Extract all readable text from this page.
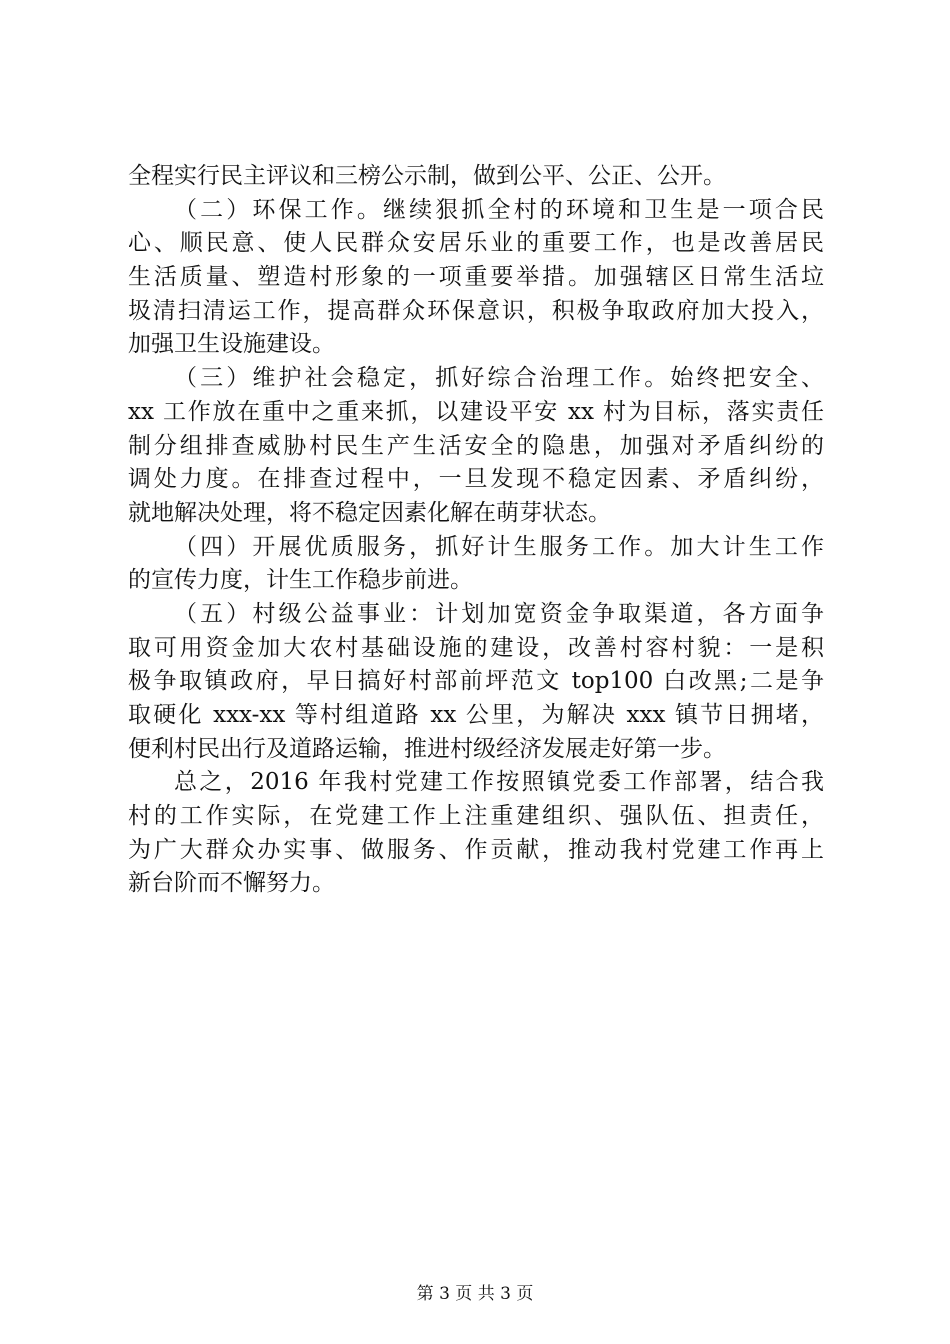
全程实行民主评议和三榜公示制，做到公平、公正、公开。
（二）环保工作。继续狠抓全村的环境和卫生是一项合民
心、顺民意、使人民群众安居乐业的重要工作，也是改善居民
生活质量、塑造村形象的一项重要举措。加强辖区日常生活垃
圾清扫清运工作，提高群众环保意识，积极争取政府加大投入，
加强卫生设施建设。
（三）维护社会稳定，抓好综合治理工作。始终把安全、
xx 工作放在重中之重来抓，以建设平安 xx 村为目标，落实责任
制分组排查威胁村民生产生活安全的隐患，加强对矛盾纠纷的
调处力度。在排查过程中，一旦发现不稳定因素、矛盾纠纷，
就地解决处理，将不稳定因素化解在萌芽状态。
（四）开展优质服务，抓好计生服务工作。加大计生工作
的宣传力度，计生工作稳步前进。
（五）村级公益事业：计划加宽资金争取渠道，各方面争
取可用资金加大农村基础设施的建设，改善村容村貌：一是积
极争取镇政府，早日搞好村部前坪范文 top100 白改黑;二是争
取硬化 xxx-xx 等村组道路 xx 公里，为解决 xxx 镇节日拥堵，
便利村民出行及道路运输，推进村级经济发展走好第一步。
总之，2016 年我村党建工作按照镇党委工作部署，结合我
村的工作实际，在党建工作上注重建组织、强队伍、担责任，
为广大群众办实事、做服务、作贡献，推动我村党建工作再上
新台阶而不懈努力。
第 3 页 共 3 页
